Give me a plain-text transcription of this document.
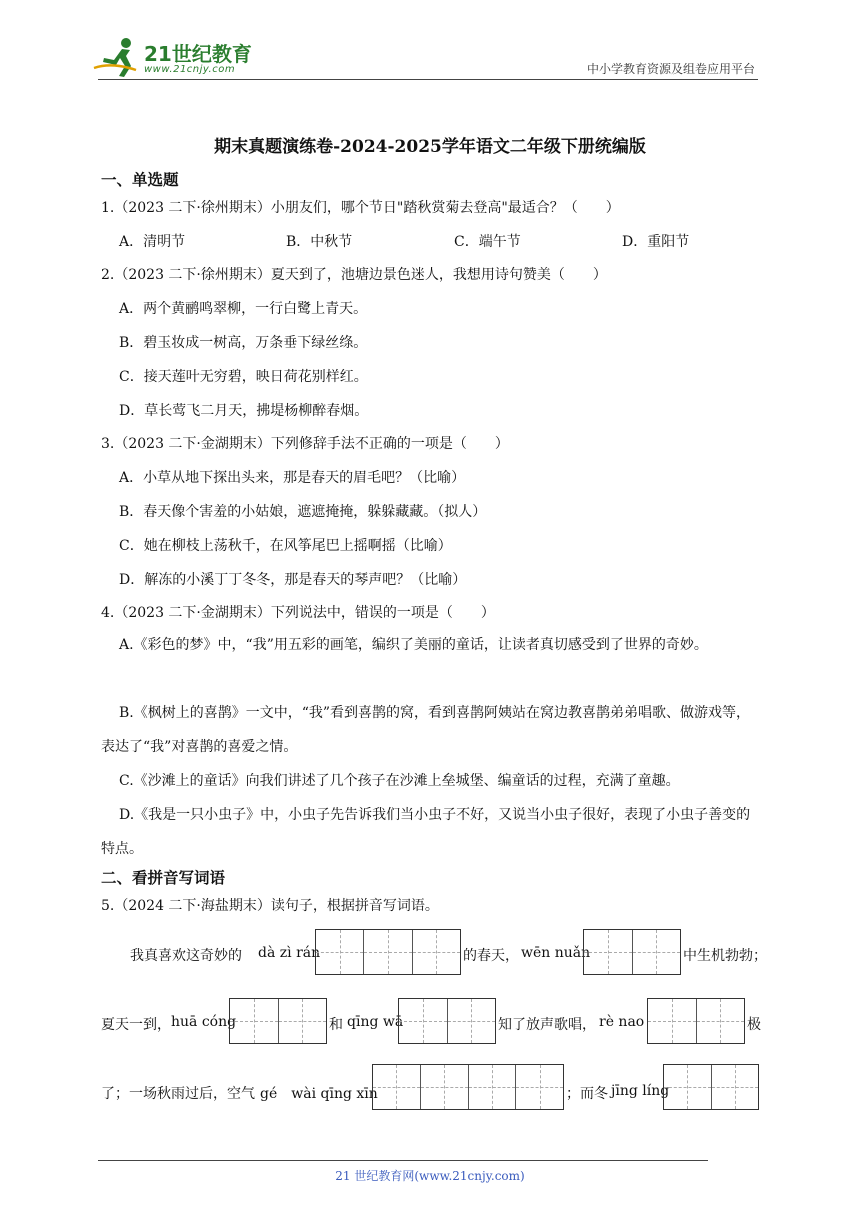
21世纪教育
www.21cnjy.com	中小学教育资源及组卷应用平台
期末真题演练卷-2024-2025学年语文二年级下册统编版
一、单选题
1.（2023 二下·徐州期末）小朋友们，哪个节日"踏秋赏菊去登高"最适合？（　　）
A．清明节	B．中秋节	C．端午节	D．重阳节
2.（2023 二下·徐州期末）夏天到了，池塘边景色迷人，我想用诗句赞美（　　）
A．两个黄鹂鸣翠柳，一行白鹭上青天。
B．碧玉妆成一树高，万条垂下绿丝绦。
C．接天莲叶无穷碧，映日荷花别样红。
D．草长莺飞二月天，拂堤杨柳醉春烟。
3.（2023 二下·金湖期末）下列修辞手法不正确的一项是（　　）
A．小草从地下探出头来，那是春天的眉毛吧？（比喻）
B．春天像个害羞的小姑娘，遮遮掩掩，躲躲藏藏。（拟人）
C．她在柳枝上荡秋千，在风筝尾巴上摇啊摇（比喻）
D．解冻的小溪丁丁冬冬，那是春天的琴声吧？（比喻）
4.（2023 二下·金湖期末）下列说法中，错误的一项是（　　）
A.《彩色的梦》中，“我”用五彩的画笔，编织了美丽的童话，让读者真切感受到了世界的奇妙。
B.《枫树上的喜鹊》一文中，“我”看到喜鹊的窝，看到喜鹊阿姨站在窝边教喜鹊弟弟唱歌、做游戏等，表达了“我”对喜鹊的喜爱之情。
C.《沙滩上的童话》向我们讲述了几个孩子在沙滩上垒城堡、编童话的过程，充满了童趣。
D.《我是一只小虫子》中，小虫子先告诉我们当小虫子不好，又说当小虫子很好，表现了小虫子善变的特点。
二、看拼音写词语
5.（2024 二下·海盐期末）读句子，根据拼音写词语。
我真喜欢这奇妙的 dà zì rán	的春天， wēn nuǎn	中生机勃勃；
夏天一到， huā cóng	和 qīng wā	知了放声歌唱， rè nao	极
了；一场秋雨过后，空气 gé　wài qīng xīn	；而冬 jīng líng
21 世纪教育网(www.21cnjy.com)
